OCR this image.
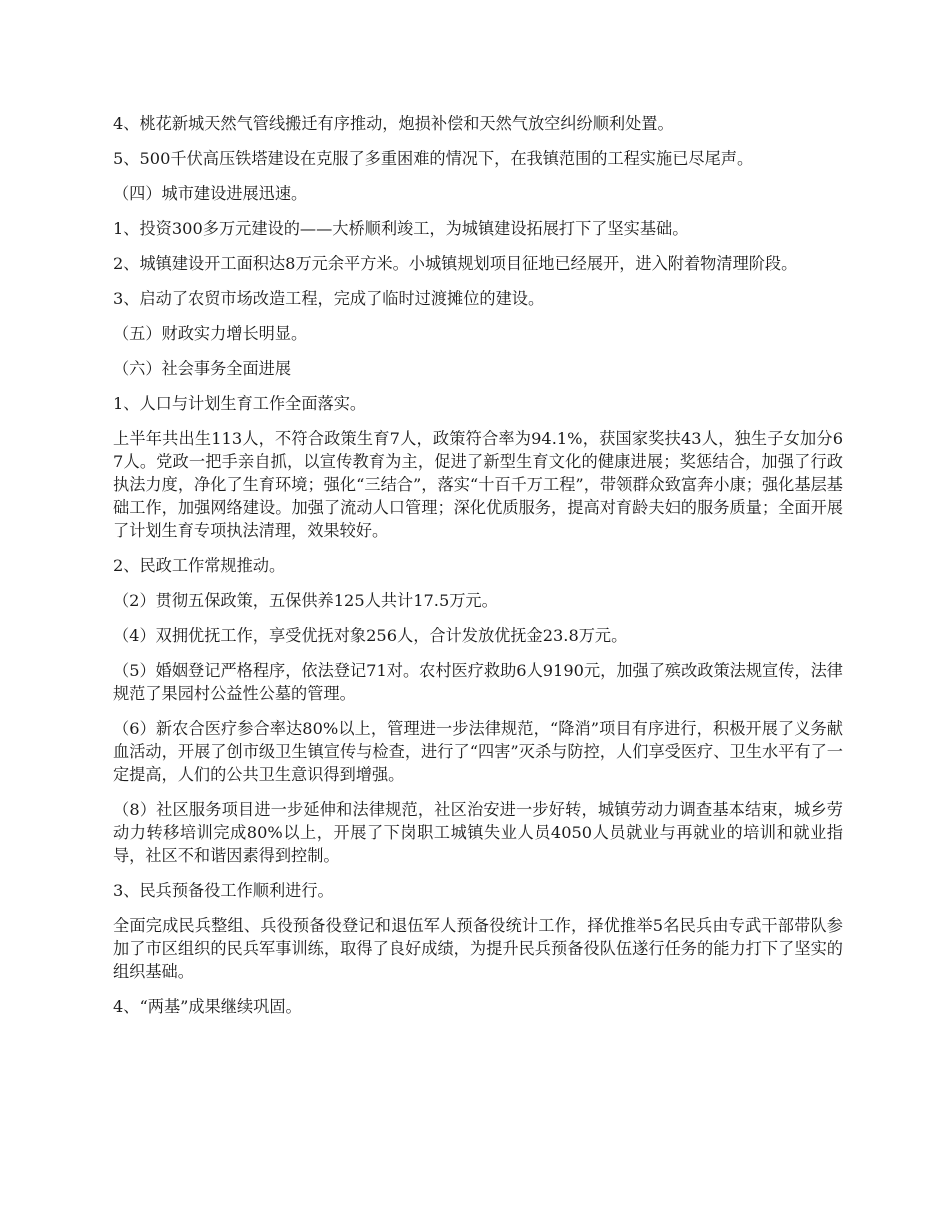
4、桃花新城天然气管线搬迁有序推动，炮损补偿和天然气放空纠纷顺利处置。

5、500千伏高压铁塔建设在克服了多重困难的情况下，在我镇范围的工程实施已尽尾声。

（四）城市建设进展迅速。

1、投资300多万元建设的——大桥顺利竣工，为城镇建设拓展打下了坚实基础。

2、城镇建设开工面积达8万元余平方米。小城镇规划项目征地已经展开，进入附着物清理阶段。

3、启动了农贸市场改造工程，完成了临时过渡摊位的建设。

（五）财政实力增长明显。

（六）社会事务全面进展

1、人口与计划生育工作全面落实。

上半年共出生113人，不符合政策生育7人，政策符合率为94.1%，获国家奖扶43人，独生子女加分67人。党政一把手亲自抓，以宣传教育为主，促进了新型生育文化的健康进展；奖惩结合，加强了行政执法力度，净化了生育环境；强化“三结合”，落实“十百千万工程”，带领群众致富奔小康；强化基层基础工作，加强网络建设。加强了流动人口管理；深化优质服务，提高对育龄夫妇的服务质量；全面开展了计划生育专项执法清理，效果较好。

2、民政工作常规推动。

（2）贯彻五保政策，五保供养125人共计17.5万元。

（4）双拥优抚工作，享受优抚对象256人，合计发放优抚金23.8万元。

（5）婚姻登记严格程序，依法登记71对。农村医疗救助6人9190元，加强了殡改政策法规宣传，法律规范了果园村公益性公墓的管理。

（6）新农合医疗参合率达80%以上，管理进一步法律规范，“降消”项目有序进行，积极开展了义务献血活动，开展了创市级卫生镇宣传与检查，进行了“四害”灭杀与防控，人们享受医疗、卫生水平有了一定提高，人们的公共卫生意识得到增强。

（8）社区服务项目进一步延伸和法律规范，社区治安进一步好转，城镇劳动力调查基本结束，城乡劳动力转移培训完成80%以上，开展了下岗职工城镇失业人员4050人员就业与再就业的培训和就业指导，社区不和谐因素得到控制。

3、民兵预备役工作顺利进行。

全面完成民兵整组、兵役预备役登记和退伍军人预备役统计工作，择优推举5名民兵由专武干部带队参加了市区组织的民兵军事训练，取得了良好成绩，为提升民兵预备役队伍遂行任务的能力打下了坚实的组织基础。

4、“两基”成果继续巩固。
